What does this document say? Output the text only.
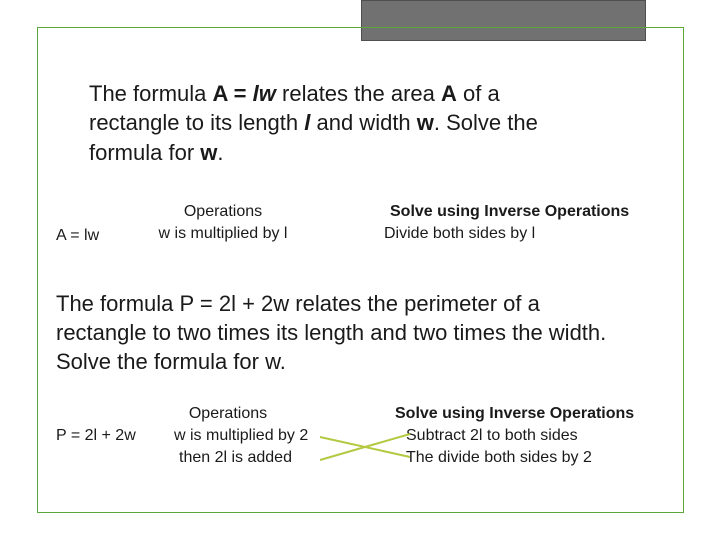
The formula A = lw relates the area A of a
rectangle to its length l and width w. Solve the
formula for w.
A = lw
Operations
w is multiplied by l
Solve using Inverse Operations
Divide both sides by l
The formula P = 2l + 2w relates the perimeter of a
rectangle to two times its length and two times the width.
Solve the formula for w.
P = 2l + 2w
Operations
w is multiplied by 2
then 2l is added
Solve using Inverse Operations
Subtract 2l to both sides
The divide both sides by 2
